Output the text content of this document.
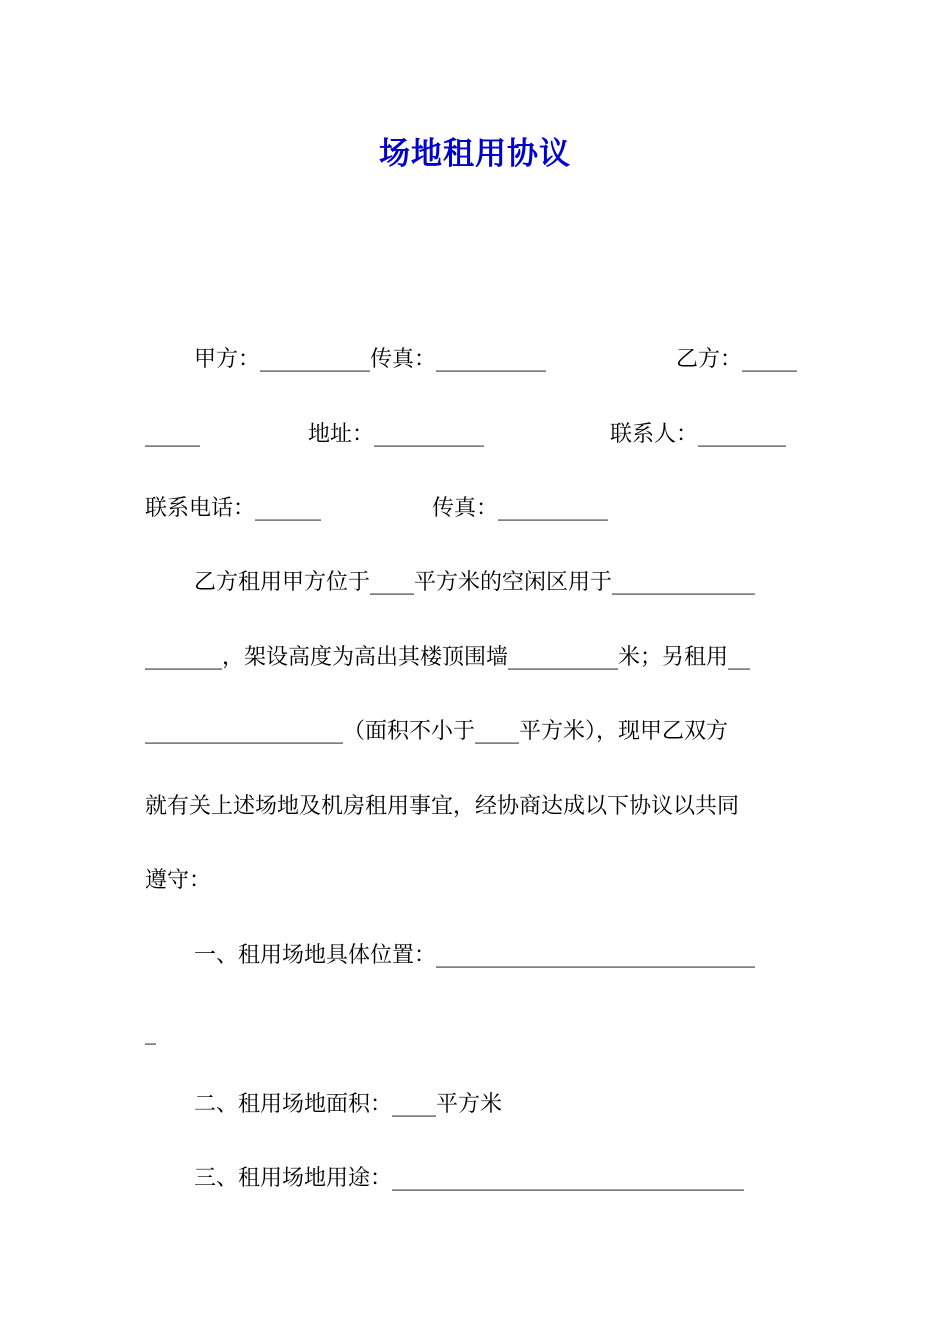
场地租用协议
甲方：__________传真：__________	乙方：_____
_____	地址：__________	联系人：________
联系电话：______	传真：__________
乙方租用甲方位于____平方米的空闲区用于_____________
_______，架设高度为高出其楼顶围墙__________米；另租用__
__________________（面积不小于____平方米），现甲乙双方
就有关上述场地及机房租用事宜，经协商达成以下协议以共同
遵守：
一、租用场地具体位置：_____________________________
_
二、租用场地面积：____平方米
三、租用场地用途：________________________________
